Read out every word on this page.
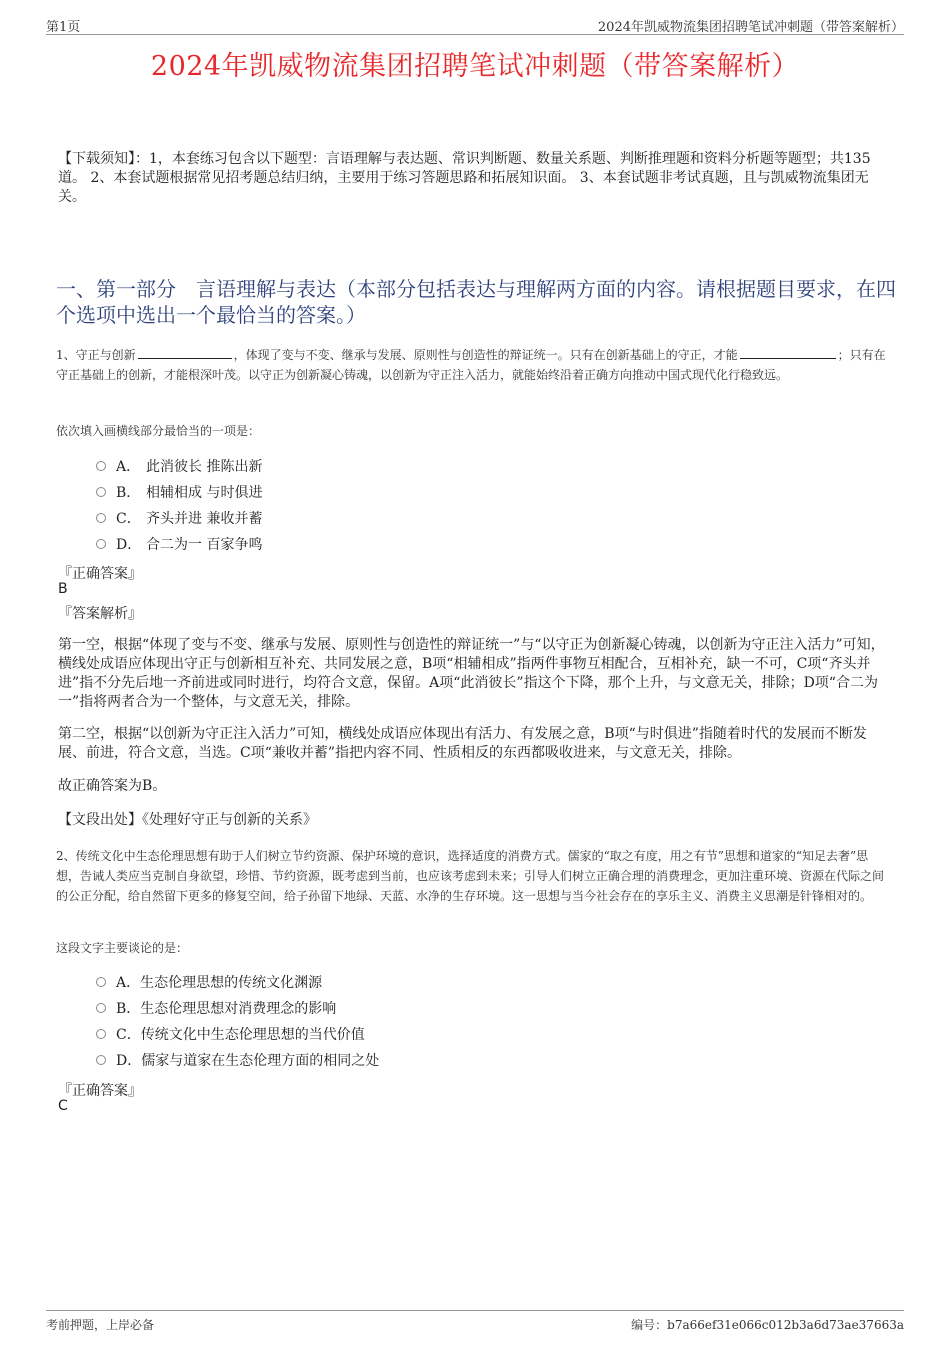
第1页	2024年凯威物流集团招聘笔试冲刺题（带答案解析）
2024年凯威物流集团招聘笔试冲刺题（带答案解析）
【下载须知】：1，本套练习包含以下题型：言语理解与表达题、常识判断题、数量关系题、判断推理题和资料分析题等题型；共135道。 2、本套试题根据常见招考题总结归纳，主要用于练习答题思路和拓展知识面。 3、本套试题非考试真题，且与凯威物流集团无关。
一、第一部分　言语理解与表达（本部分包括表达与理解两方面的内容。请根据题目要求，在四个选项中选出一个最恰当的答案。）
1、守正与创新	，体现了变与不变、继承与发展、原则性与创造性的辩证统一。只有在创新基础上的守正，才能	；只有在守正基础上的创新，才能根深叶茂。以守正为创新凝心铸魂，以创新为守正注入活力，就能始终沿着正确方向推动中国式现代化行稳致远。
依次填入画横线部分最恰当的一项是：
A． 此消彼长 推陈出新
B． 相辅相成 与时俱进
C． 齐头并进 兼收并蓄
D． 合二为一 百家争鸣
『正确答案』
B
『答案解析』
第一空，根据“体现了变与不变、继承与发展、原则性与创造性的辩证统一”与“以守正为创新凝心铸魂，以创新为守正注入活力”可知，横线处成语应体现出守正与创新相互补充、共同发展之意，B项“相辅相成”指两件事物互相配合，互相补充，缺一不可，C项“齐头并进”指不分先后地一齐前进或同时进行，均符合文意，保留。A项“此消彼长”指这个下降，那个上升，与文意无关，排除；D项“合二为一”指将两者合为一个整体，与文意无关，排除。
第二空，根据“以创新为守正注入活力”可知，横线处成语应体现出有活力、有发展之意，B项“与时俱进”指随着时代的发展而不断发展、前进，符合文意，当选。C项“兼收并蓄”指把内容不同、性质相反的东西都吸收进来，与文意无关，排除。
故正确答案为B。
【文段出处】《处理好守正与创新的关系》
2、传统文化中生态伦理思想有助于人们树立节约资源、保护环境的意识，选择适度的消费方式。儒家的“取之有度，用之有节”思想和道家的“知足去奢”思想，告诫人类应当克制自身欲望，珍惜、节约资源，既考虑到当前，也应该考虑到未来；引导人们树立正确合理的消费理念，更加注重环境、资源在代际之间的公正分配，给自然留下更多的修复空间，给子孙留下地绿、天蓝、水净的生存环境。这一思想与当今社会存在的享乐主义、消费主义思潮是针锋相对的。
这段文字主要谈论的是：
A． 生态伦理思想的传统文化渊源
B． 生态伦理思想对消费理念的影响
C． 传统文化中生态伦理思想的当代价值
D． 儒家与道家在生态伦理方面的相同之处
『正确答案』
C
考前押题，上岸必备	编号：b7a66ef31e066c012b3a6d73ae37663a
